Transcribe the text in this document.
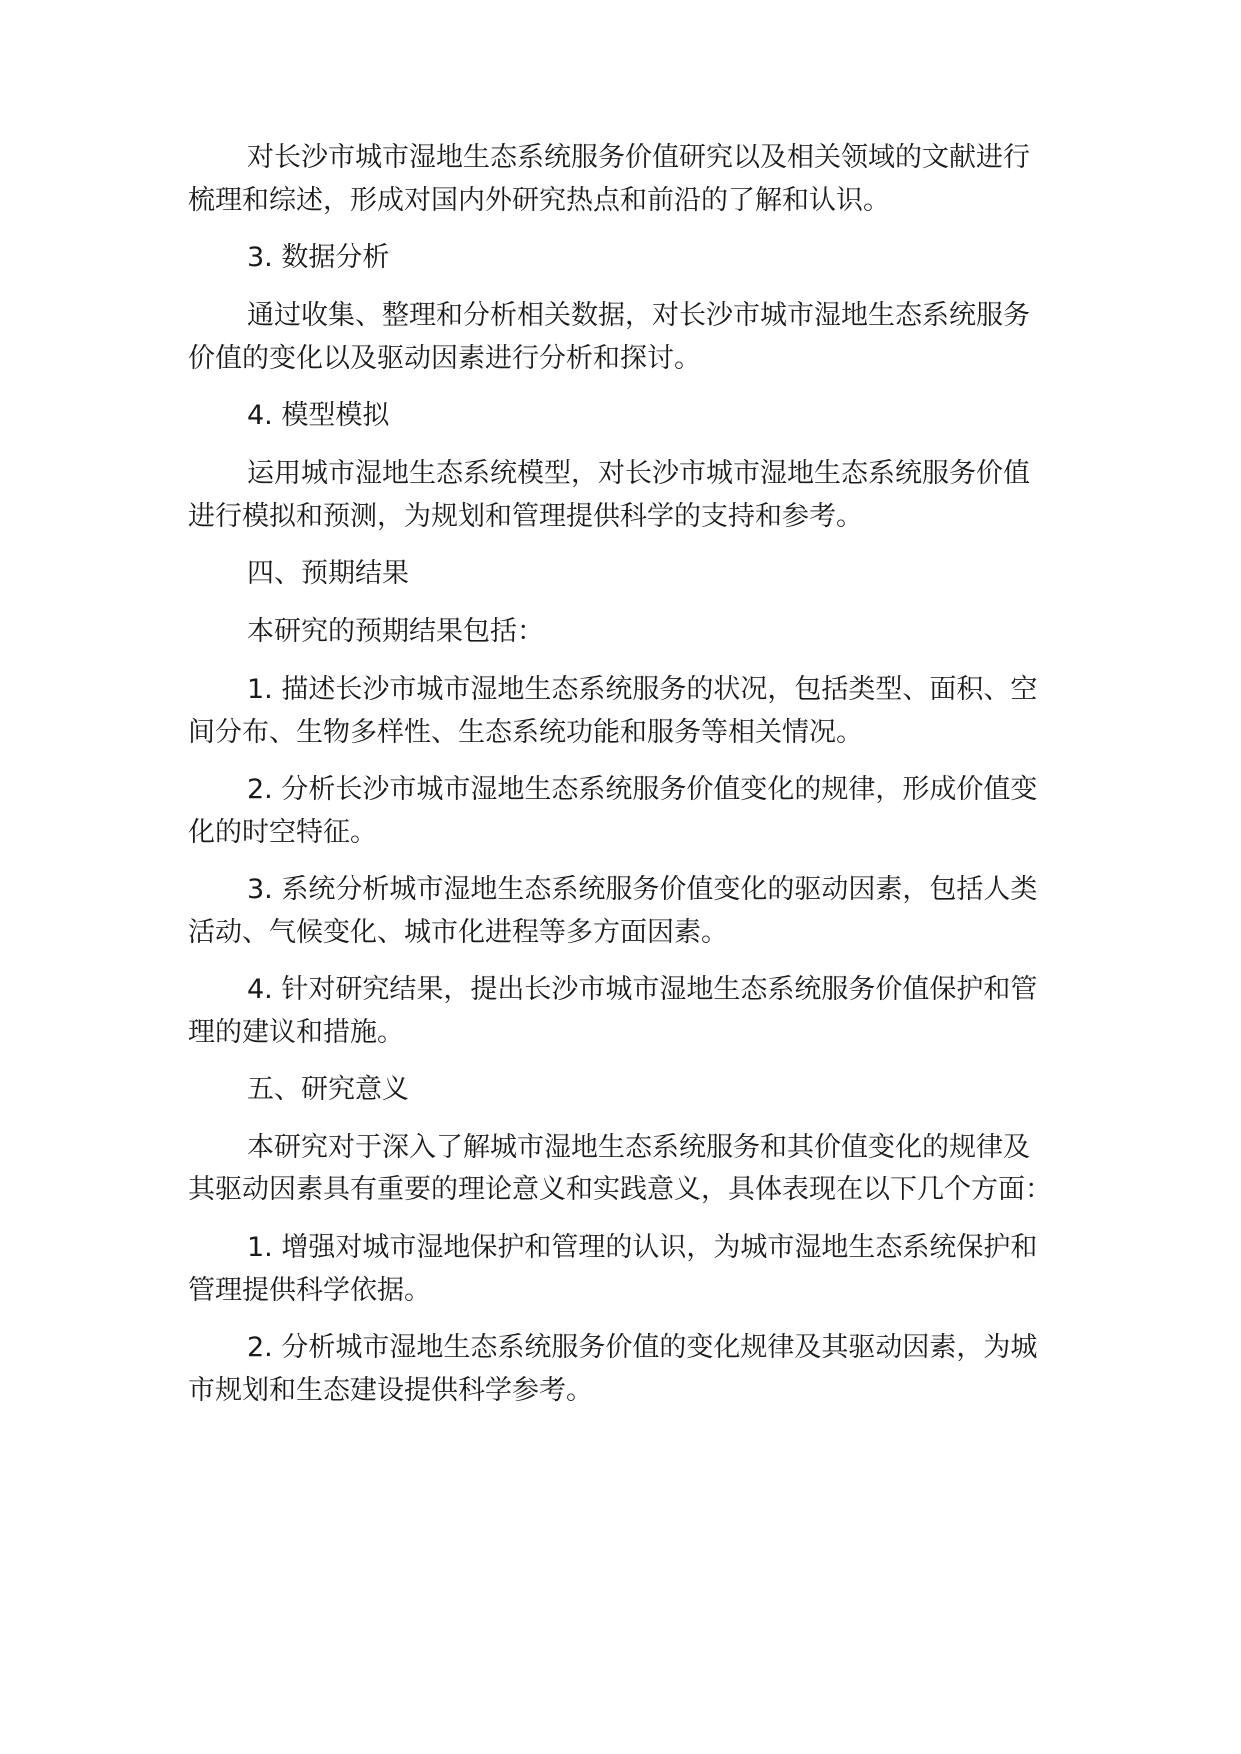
对长沙市城市湿地生态系统服务价值研究以及相关领域的文献进行

梳理和综述，形成对国内外研究热点和前沿的了解和认识。

3. 数据分析

通过收集、整理和分析相关数据，对长沙市城市湿地生态系统服务

价值的变化以及驱动因素进行分析和探讨。

4. 模型模拟

运用城市湿地生态系统模型，对长沙市城市湿地生态系统服务价值

进行模拟和预测，为规划和管理提供科学的支持和参考。

四、预期结果

本研究的预期结果包括：

1. 描述长沙市城市湿地生态系统服务的状况，包括类型、面积、空

间分布、生物多样性、生态系统功能和服务等相关情况。

2. 分析长沙市城市湿地生态系统服务价值变化的规律，形成价值变

化的时空特征。

3. 系统分析城市湿地生态系统服务价值变化的驱动因素，包括人类

活动、气候变化、城市化进程等多方面因素。

4. 针对研究结果，提出长沙市城市湿地生态系统服务价值保护和管

理的建议和措施。

五、研究意义

本研究对于深入了解城市湿地生态系统服务和其价值变化的规律及

其驱动因素具有重要的理论意义和实践意义，具体表现在以下几个方面：

1. 增强对城市湿地保护和管理的认识，为城市湿地生态系统保护和

管理提供科学依据。

2. 分析城市湿地生态系统服务价值的变化规律及其驱动因素，为城

市规划和生态建设提供科学参考。
